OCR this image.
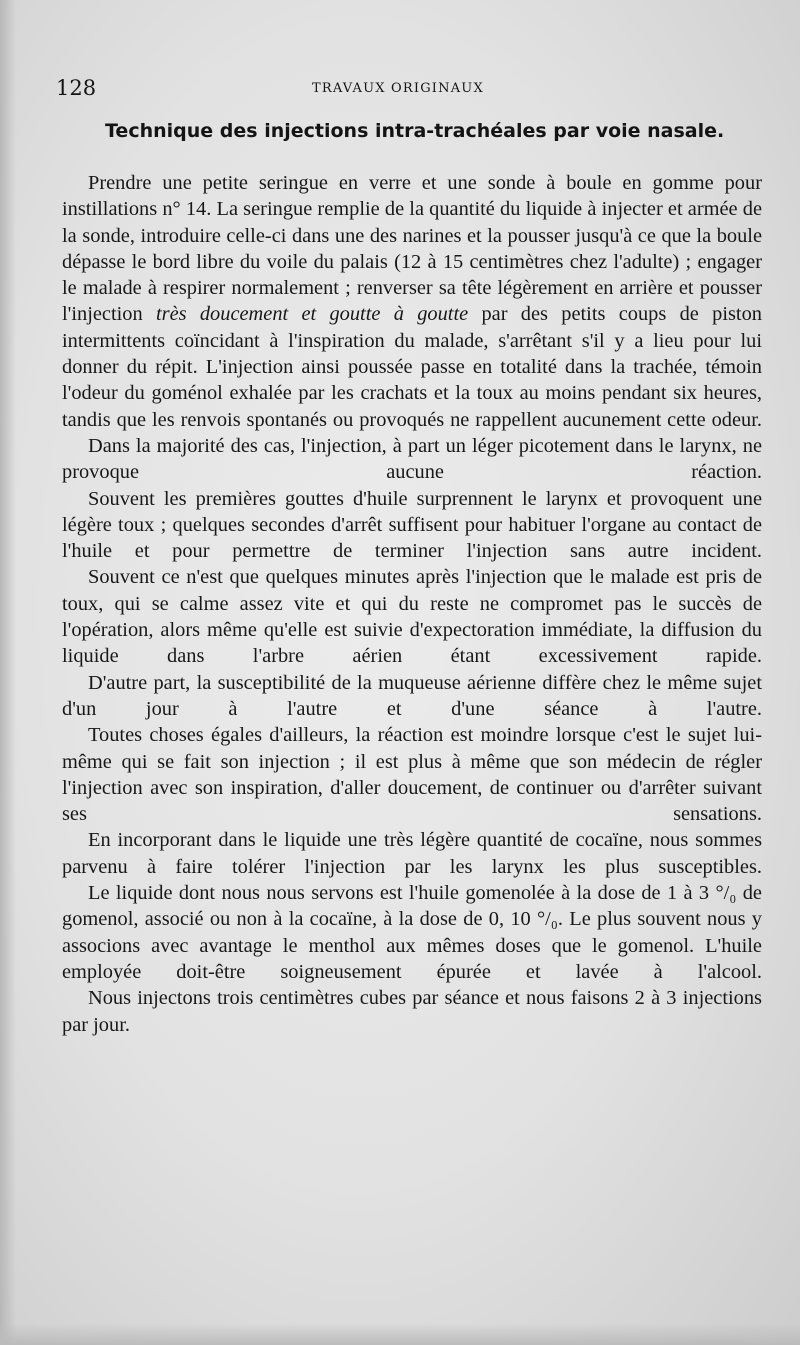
128	TRAVAUX ORIGINAUX
Technique des injections intra-trachéales par voie nasale.

Prendre une petite seringue en verre et une sonde à boule en gomme pour instillations n° 14. La seringue remplie de la quantité du liquide à injecter et armée de la sonde, introduire celle-ci dans une des narines et la pousser jusqu'à ce que la boule dépasse le bord libre du voile du palais (12 à 15 centimètres chez l'adulte) ; engager le malade à respirer normalement ; renverser sa tête légèrement en arrière et pousser l'injection très doucement et goutte à goutte par des petits coups de piston intermittents coïncidant à l'inspiration du malade, s'arrêtant s'il y a lieu pour lui donner du répit. L'injection ainsi poussée passe en totalité dans la trachée, témoin l'odeur du goménol exhalée par les crachats et la toux au moins pendant six heures, tandis que les renvois spontanés ou provoqués ne rappellent aucunement cette odeur.

Dans la majorité des cas, l'injection, à part un léger picotement dans le larynx, ne provoque aucune réaction.

Souvent les premières gouttes d'huile surprennent le larynx et provoquent une légère toux ; quelques secondes d'arrêt suffisent pour habituer l'organe au contact de l'huile et pour permettre de terminer l'injection sans autre incident.

Souvent ce n'est que quelques minutes après l'injection que le malade est pris de toux, qui se calme assez vite et qui du reste ne compromet pas le succès de l'opération, alors même qu'elle est suivie d'expectoration immédiate, la diffusion du liquide dans l'arbre aérien étant excessivement rapide.

D'autre part, la susceptibilité de la muqueuse aérienne diffère chez le même sujet d'un jour à l'autre et d'une séance à l'autre.

Toutes choses égales d'ailleurs, la réaction est moindre lorsque c'est le sujet lui-même qui se fait son injection ; il est plus à même que son médecin de régler l'injection avec son inspiration, d'aller doucement, de continuer ou d'arrêter suivant ses sensations.

En incorporant dans le liquide une très légère quantité de cocaïne, nous sommes parvenu à faire tolérer l'injection par les larynx les plus susceptibles.

Le liquide dont nous nous servons est l'huile gomenolée à la dose de 1 à 3 °/₀ de gomenol, associé ou non à la cocaïne, à la dose de 0, 10 °/₀. Le plus souvent nous y associons avec avantage le menthol aux mêmes doses que le gomenol. L'huile employée doit-être soigneusement épurée et lavée à l'alcool.

Nous injectons trois centimètres cubes par séance et nous faisons 2 à 3 injections par jour.
